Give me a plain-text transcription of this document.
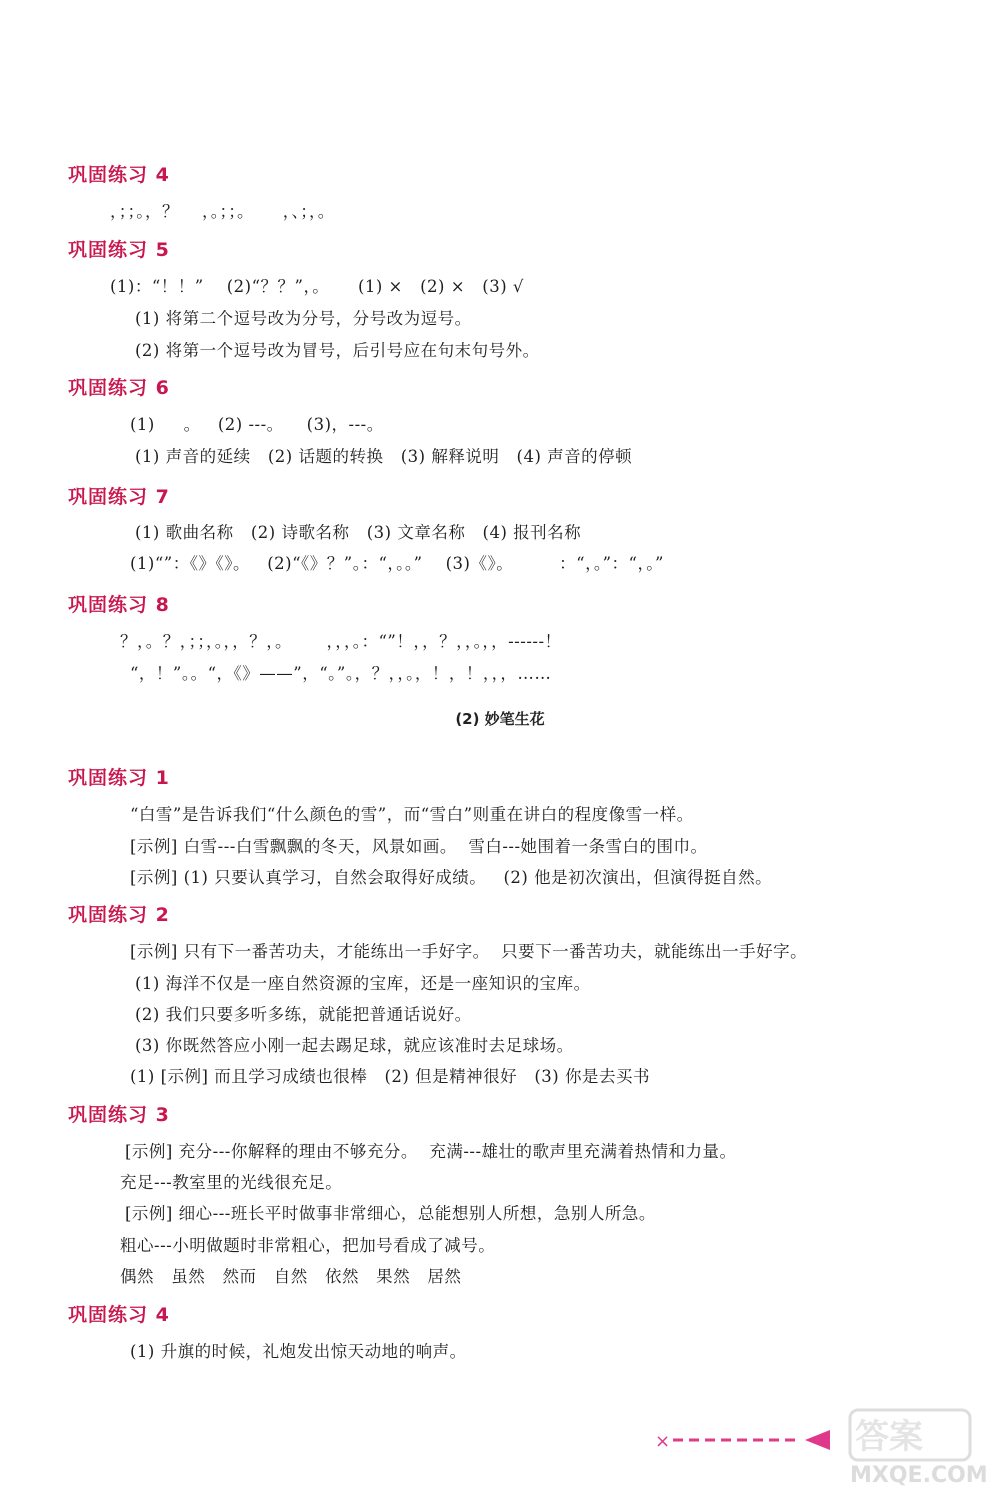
巩固练习 4
，；；。，？    ，。；；。     ，、；，。
巩固练习 5
(1)：“！！”    (2)“？？”，。     (1) ×   (2) ×   (3) √
(1) 将第二个逗号改为分号，分号改为逗号。
(2) 将第一个逗号改为冒号，后引号应在句末句号外。
巩固练习 6
(1)     。   (2) ---。    (3)，---。
(1) 声音的延续   (2) 话题的转换   (3) 解释说明   (4) 声音的停顿
巩固练习 7
(1) 歌曲名称   (2) 诗歌名称   (3) 文章名称   (4) 报刊名称
(1)“”：《》《》。   (2)“《》？”。：“，。。”    (3)《》。        ：“，。”：“，。”
巩固练习 8
？，。？，；；，。，，？，。      ，，，。：“”！，，？，，。，，------！
“，！”。。“，《》——”，“。”。，？，，。，！，！，，，……
(2) 妙笔生花
巩固练习 1
“白雪”是告诉我们“什么颜色的雪”，而“雪白”则重在讲白的程度像雪一样。
[示例] 白雪---白雪飘飘的冬天，风景如画。  雪白---她围着一条雪白的围巾。
[示例] (1) 只要认真学习，自然会取得好成绩。   (2) 他是初次演出，但演得挺自然。
巩固练习 2
[示例] 只有下一番苦功夫，才能练出一手好字。  只要下一番苦功夫，就能练出一手好字。
(1) 海洋不仅是一座自然资源的宝库，还是一座知识的宝库。
(2) 我们只要多听多练，就能把普通话说好。
(3) 你既然答应小刚一起去踢足球，就应该准时去足球场。
(1) [示例] 而且学习成绩也很棒   (2) 但是精神很好   (3) 你是去买书
巩固练习 3
[示例] 充分---你解释的理由不够充分。  充满---雄壮的歌声里充满着热情和力量。
充足---教室里的光线很充足。
[示例] 细心---班长平时做事非常细心，总能想别人所想，急别人所急。
粗心---小明做题时非常粗心，把加号看成了减号。
偶然   虽然   然而   自然   依然   果然   居然
巩固练习 4
(1) 升旗的时候，礼炮发出惊天动地的响声。
×	答案
MXQE.COM
